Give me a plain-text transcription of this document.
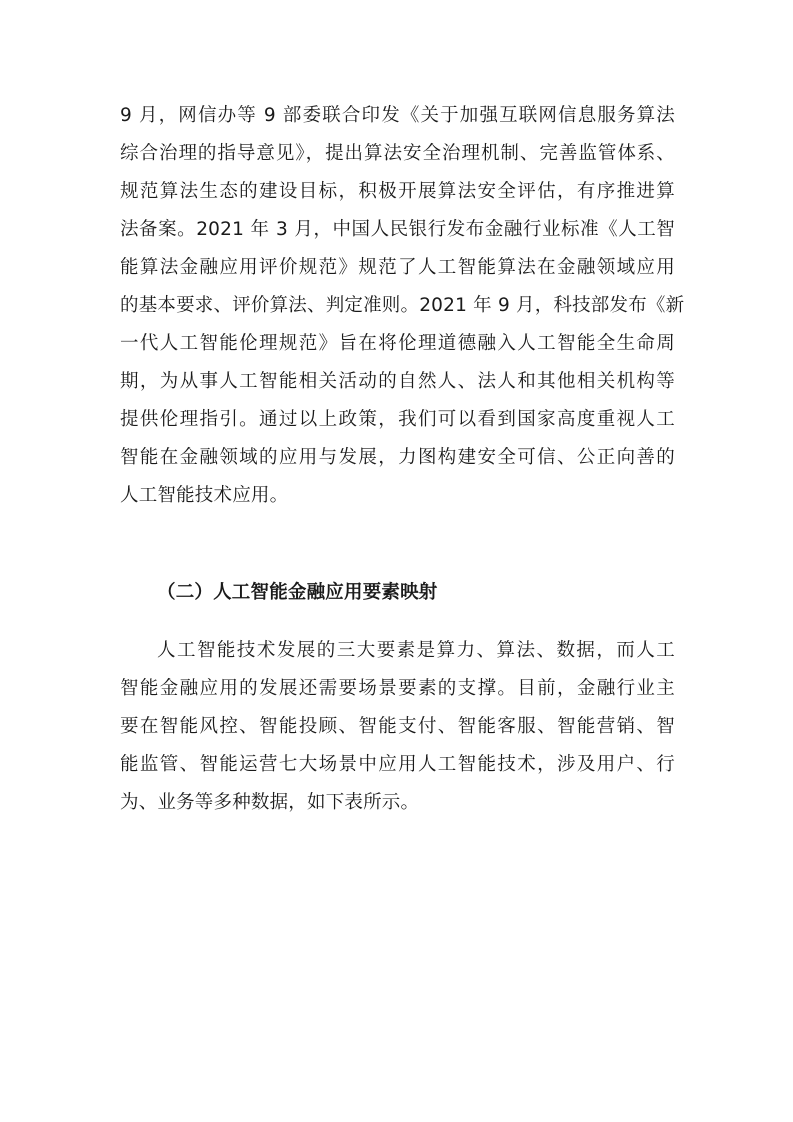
9 月，网信办等 9 部委联合印发《关于加强互联网信息服务算法
综合治理的指导意见》，提出算法安全治理机制、完善监管体系、
规范算法生态的建设目标，积极开展算法安全评估，有序推进算
法备案。2021 年 3 月，中国人民银行发布金融行业标准《人工智
能算法金融应用评价规范》规范了人工智能算法在金融领域应用
的基本要求、评价算法、判定准则。2021 年 9 月，科技部发布《新
一代人工智能伦理规范》旨在将伦理道德融入人工智能全生命周
期，为从事人工智能相关活动的自然人、法人和其他相关机构等
提供伦理指引。通过以上政策，我们可以看到国家高度重视人工
智能在金融领域的应用与发展，力图构建安全可信、公正向善的
人工智能技术应用。
（二）人工智能金融应用要素映射
人工智能技术发展的三大要素是算力、算法、数据，而人工
智能金融应用的发展还需要场景要素的支撑。目前，金融行业主
要在智能风控、智能投顾、智能支付、智能客服、智能营销、智
能监管、智能运营七大场景中应用人工智能技术，涉及用户、行
为、业务等多种数据，如下表所示。
